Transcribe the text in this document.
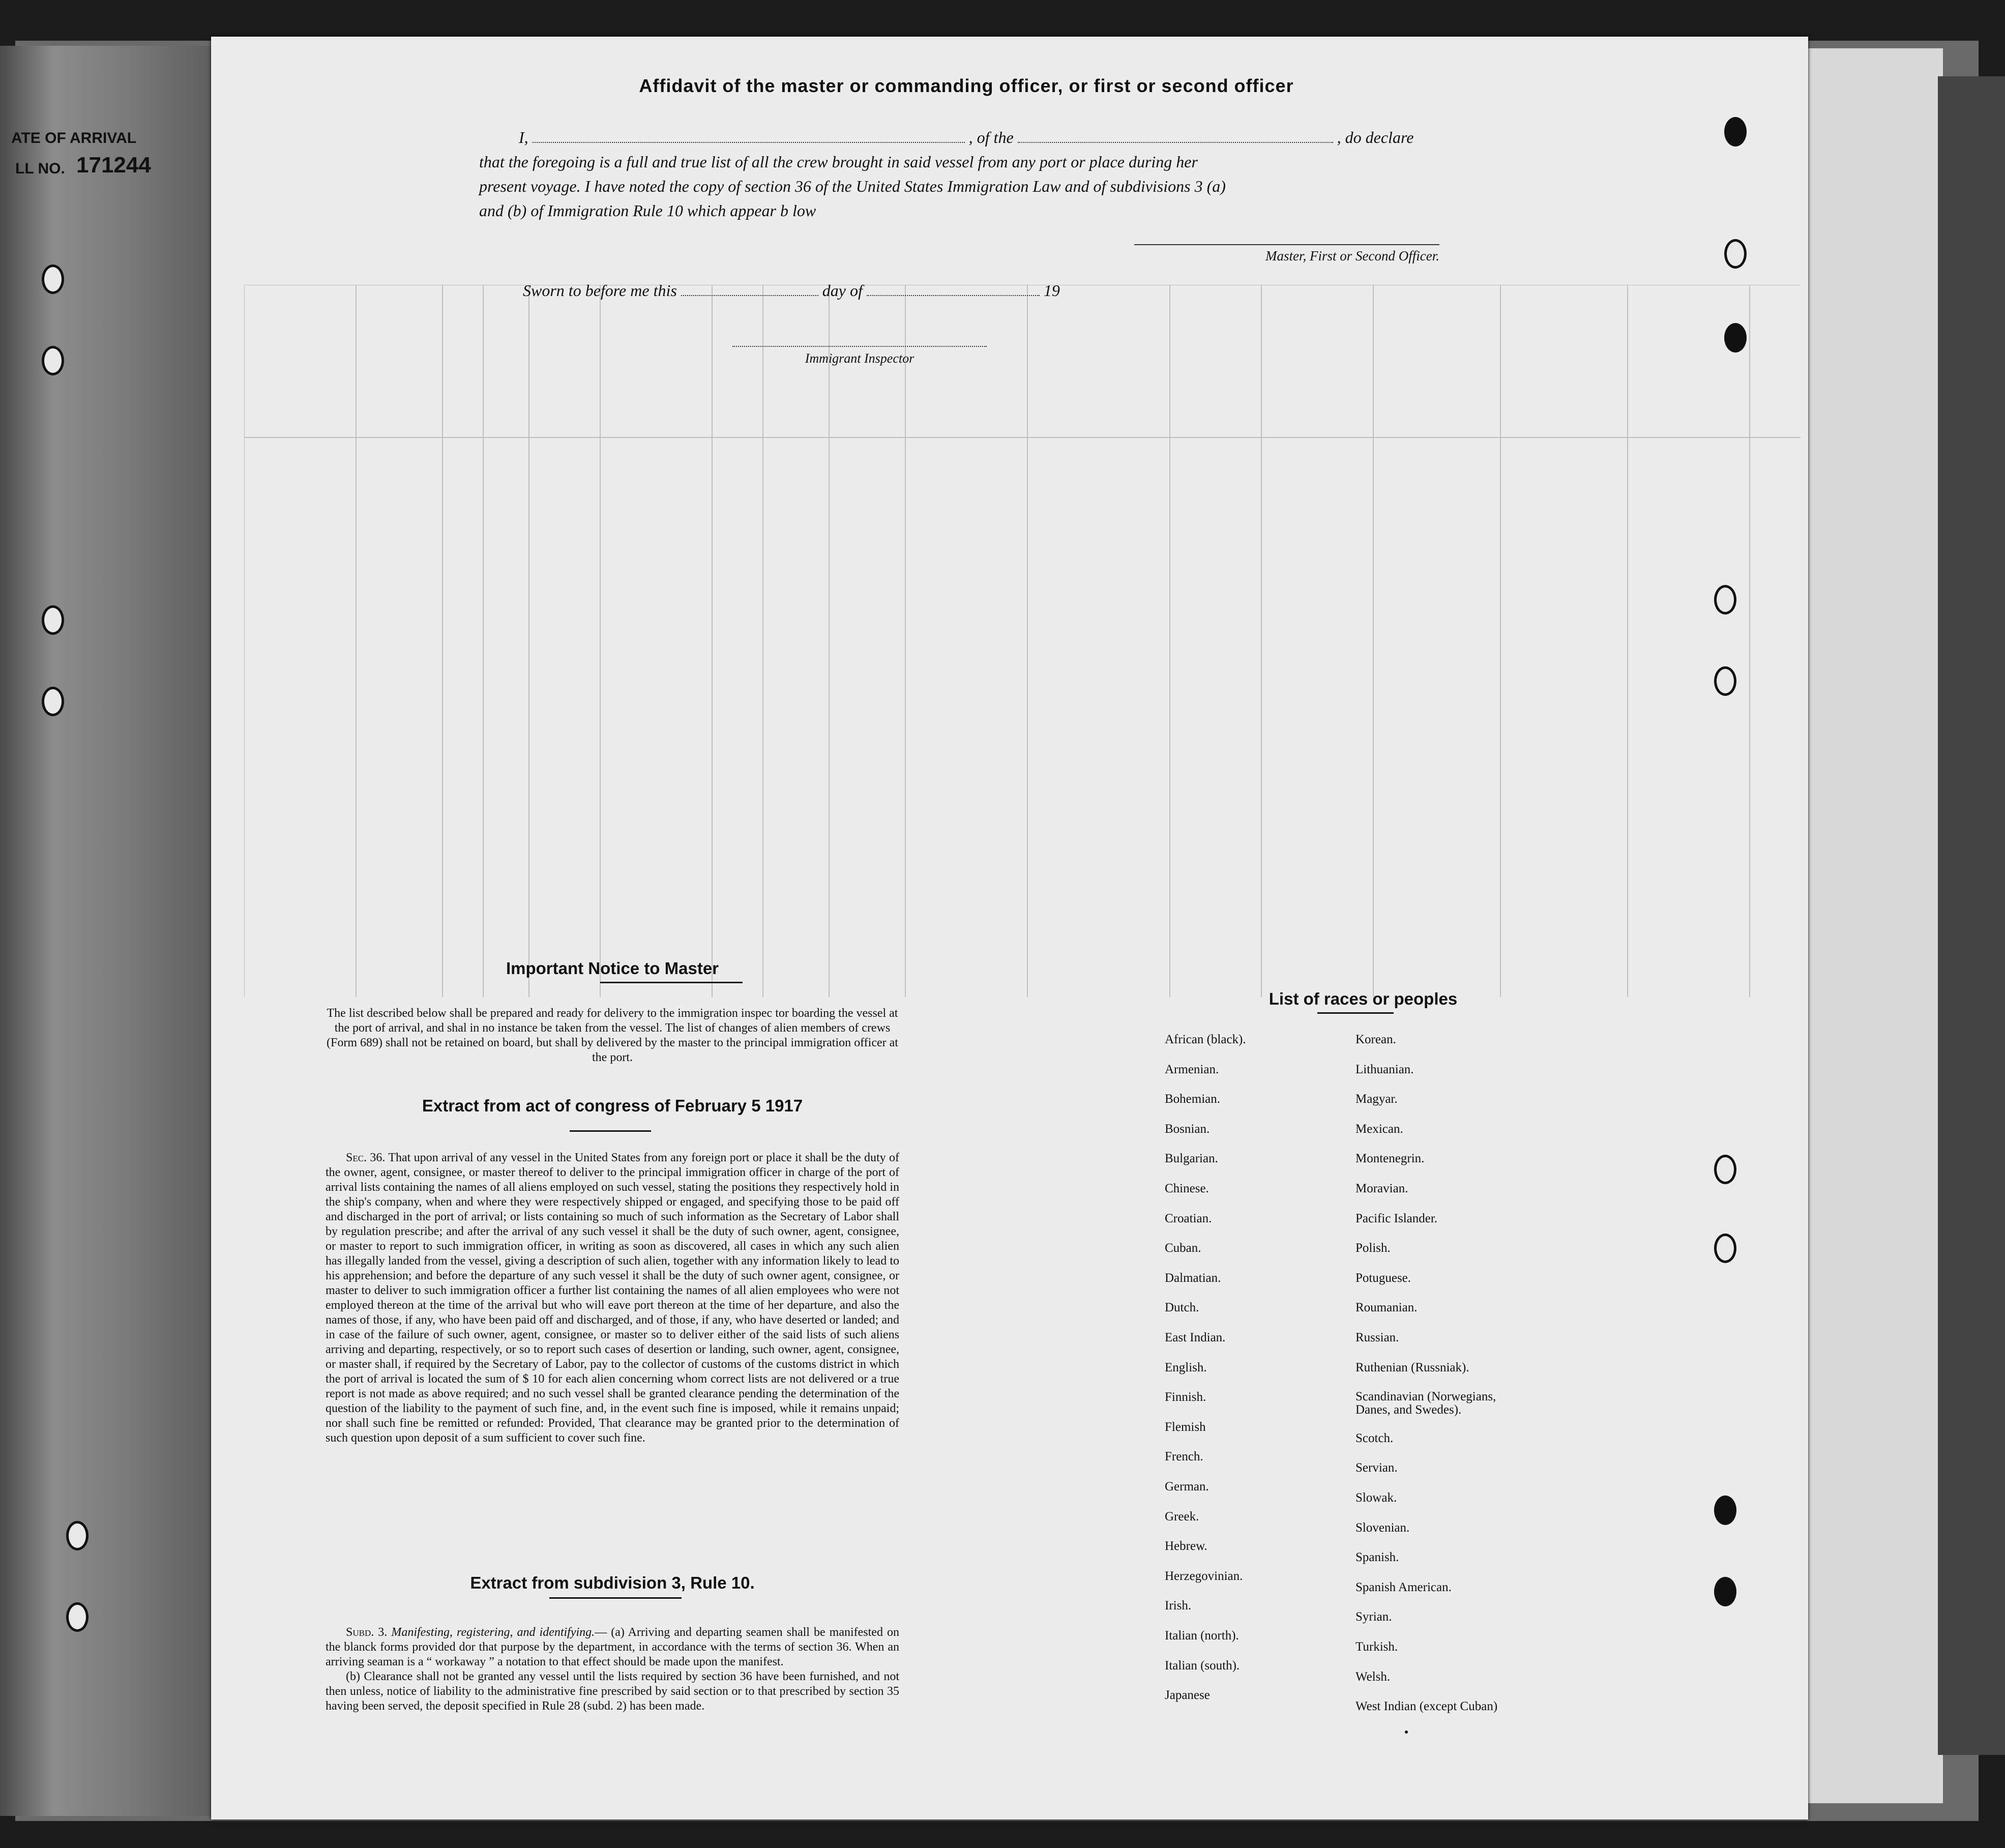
ATE OF ARRIVAL
LL NO. 171244
Affidavit of the master or commanding officer, or first or second officer
I,	, of the	, do declare
that the foregoing is a full and true list of all the crew brought in said vessel from any port or place during her
present voyage. I have noted the copy of section 36 of the United States Immigration Law and of subdivisions 3 (a)
and (b) of Immigration Rule 10 which appear b low
Master, First or Second Officer.
Sworn to before me this	day of	19
Immigrant Inspector
Important Notice to Master
The list described below shall be prepared and ready for delivery to the immigration inspec tor boarding the vessel at the port of arrival, and shal in no instance be taken from the vessel. The list of changes of alien members of crews (Form 689) shall not be retained on board, but shall by delivered by the master to the principal immigration officer at the port.
Extract from act of congress of February 5 1917

Sec. 36. That upon arrival of any vessel in the United States from any foreign port or place it shall be the duty of the owner, agent, consignee, or master thereof to deliver to the principal immigration officer in charge of the port of arrival lists containing the names of all aliens employed on such vessel, stating the positions they respectively hold in the ship's company, when and where they were respectively shipped or engaged, and specifying those to be paid off and discharged in the port of arrival; or lists containing so much of such information as the Secretary of Labor shall by regulation prescribe; and after the arrival of any such vessel it shall be the duty of such owner, agent, consignee, or master to report to such immigration officer, in writing as soon as discovered, all cases in which any such alien has illegally landed from the vessel, giving a description of such alien, together with any information likely to lead to his apprehension; and before the departure of any such vessel it shall be the duty of such owner agent, consignee, or master to deliver to such immigration officer a further list containing the names of all alien employees who were not employed thereon at the time of the arrival but who will eave port thereon at the time of her departure, and also the names of those, if any, who have been paid off and discharged, and of those, if any, who have deserted or landed; and in case of the failure of such owner, agent, consignee, or master so to deliver either of the said lists of such aliens arriving and departing, respectively, or so to report such cases of desertion or landing, such owner, agent, consignee, or master shall, if required by the Secretary of Labor, pay to the collector of customs of the customs district in which the port of arrival is located the sum of $ 10 for each alien concerning whom correct lists are not delivered or a true report is not made as above required; and no such vessel shall be granted clearance pending the determination of the question of the liability to the payment of such fine, and, in the event such fine is imposed, while it remains unpaid; nor shall such fine be remitted or refunded: Provided, That clearance may be granted prior to the determination of such question upon deposit of a sum sufficient to cover such fine.

Extract from subdivision 3, Rule 10.

Subd. 3. Manifesting, registering, and identifying.— (a) Arriving and departing seamen shall be manifested on the blanck forms provided dor that purpose by the department, in accordance with the terms of section 36. When an arriving seaman is a “ workaway ” a notation to that effect should be made upon the manifest.

(b) Clearance shall not be granted any vessel until the lists required by section 36 have been furnished, and not then unless, notice of liability to the administrative fine prescribed by said section or to that prescribed by section 35 having been served, the deposit specified in Rule 28 (subd. 2) has been made.

List of races or peoples
African (black).
Armenian.
Bohemian.
Bosnian.
Bulgarian.
Chinese.
Croatian.
Cuban.
Dalmatian.
Dutch.
East Indian.
English.
Finnish.
Flemish
French.
German.
Greek.
Hebrew.
Herzegovinian.
Irish.
Italian (north).
Italian (south).
Japanese
Korean.
Lithuanian.
Magyar.
Mexican.
Montenegrin.
Moravian.
Pacific Islander.
Polish.
Potuguese.
Roumanian.
Russian.
Ruthenian (Russniak).
Scandinavian (Norwegians, Danes, and Swedes).
Scotch.
Servian.
Slowak.
Slovenian.
Spanish.
Spanish American.
Syrian.
Turkish.
Welsh.
West Indian (except Cuban)
